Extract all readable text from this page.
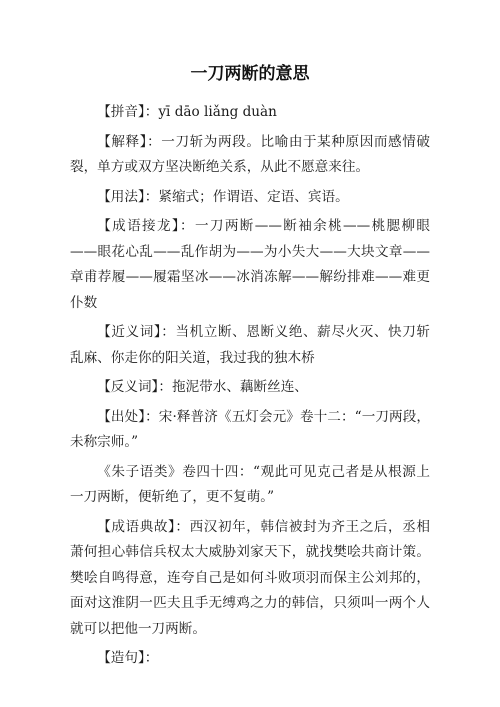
一刀两断的意思

【拼音】：yī dāo liǎng duàn

【解释】：一刀斩为两段。比喻由于某种原因而感情破裂，单方或双方坚决断绝关系，从此不愿意来往。

【用法】：紧缩式；作谓语、定语、宾语。

【成语接龙】：一刀两断——断袖余桃——桃腮柳眼——眼花心乱——乱作胡为——为小失大——大块文章——章甫荐履——履霜坚冰——冰消冻解——解纷排难——难更仆数

【近义词】：当机立断、恩断义绝、薪尽火灭、快刀斩乱麻、你走你的阳关道，我过我的独木桥

【反义词】：拖泥带水、藕断丝连、

【出处】：宋·释普济《五灯会元》卷十二：“一刀两段，未称宗师。”

《朱子语类》卷四十四：“观此可见克己者是从根源上一刀两断，便斩绝了，更不复萌。”

【成语典故】：西汉初年，韩信被封为齐王之后，丞相萧何担心韩信兵权太大威胁刘家天下，就找樊哙共商计策。樊哙自鸣得意，连夸自己是如何斗败项羽而保主公刘邦的，面对这淮阴一匹夫且手无缚鸡之力的韩信，只须叫一两个人就可以把他一刀两断。

【造句】：
